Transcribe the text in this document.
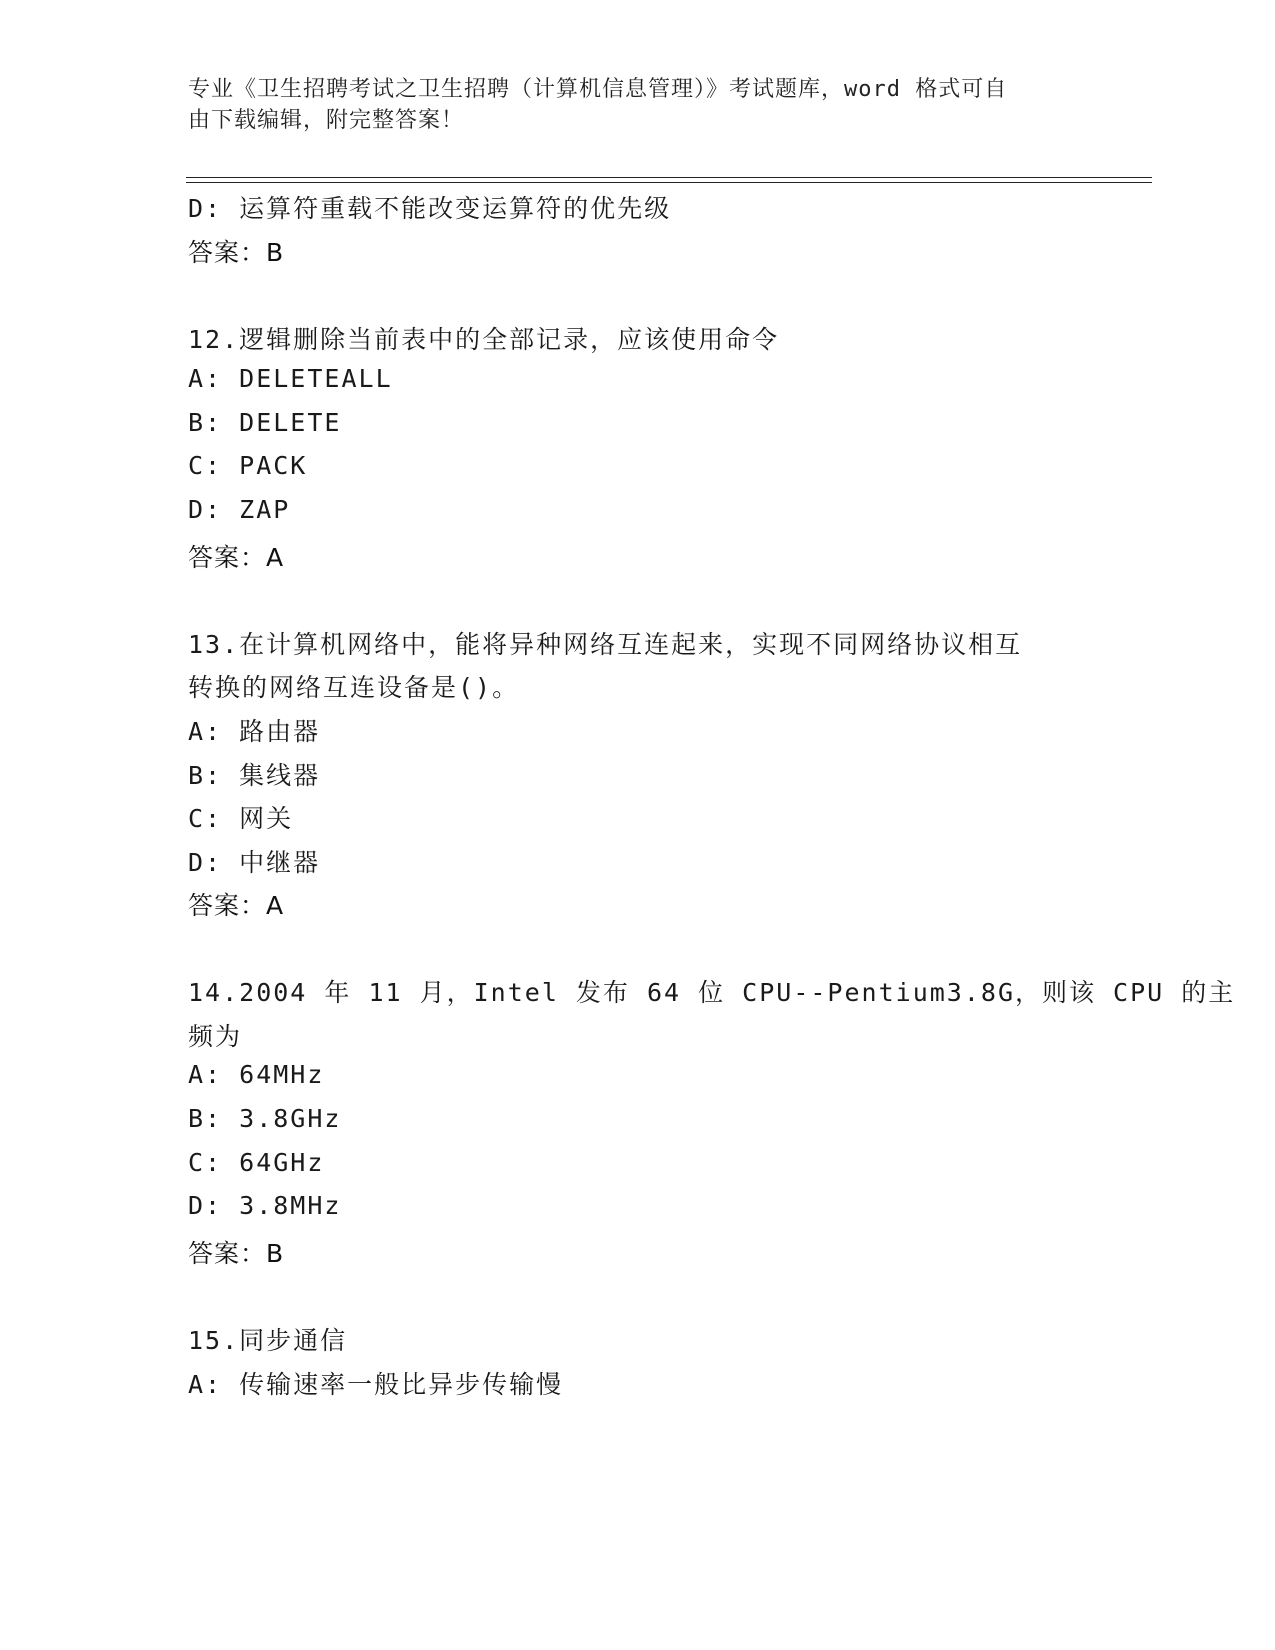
专业《卫生招聘考试之卫生招聘（计算机信息管理）》考试题库，word 格式可自
由下载编辑，附完整答案！
D: 运算符重载不能改变运算符的优先级
答案：B
12.逻辑删除当前表中的全部记录，应该使用命令
A: DELETEALL
B: DELETE
C: PACK
D: ZAP
答案：A
13.在计算机网络中，能将异种网络互连起来，实现不同网络协议相互
转换的网络互连设备是()。
A: 路由器
B: 集线器
C: 网关
D: 中继器
答案：A
14.2004 年 11 月，Intel 发布 64 位 CPU--Pentium3.8G，则该 CPU 的主
频为
A: 64MHz
B: 3.8GHz
C: 64GHz
D: 3.8MHz
答案：B
15.同步通信
A: 传输速率一般比异步传输慢
